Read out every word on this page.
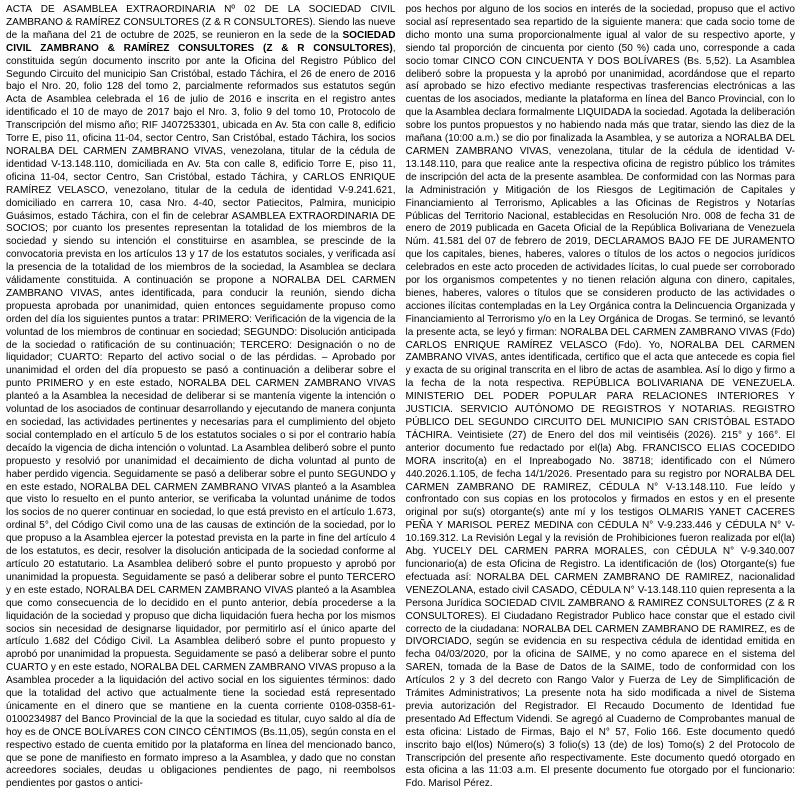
ACTA DE ASAMBLEA EXTRAORDINARIA Nº 02 DE LA SOCIEDAD CIVIL ZAMBRANO & RAMÍREZ CONSULTORES (Z & R CONSULTORES). Siendo las nueve de la mañana del 21 de octubre de 2025, se reunieron en la sede de la SOCIEDAD CIVIL ZAMBRANO & RAMÍREZ CONSULTORES (Z & R CONSULTORES), constituida según documento inscrito por ante la Oficina del Registro Público del Segundo Circuito del municipio San Cristóbal, estado Táchira, el 26 de enero de 2016 bajo el Nro. 20, folio 128 del tomo 2, parcialmente reformados sus estatutos según Acta de Asamblea celebrada el 16 de julio de 2016 e inscrita en el registro antes identificado el 10 de mayo de 2017 bajo el Nro. 3, folio 9 del tomo 10, Protocolo de Transcripción del mismo año; RIF J407253301, ubicada en Av. 5ta con calle 8, edificio Torre E, piso 11, oficina 11-04, sector Centro, San Cristóbal, estado Táchira, los socios NORALBA DEL CARMEN ZAMBRANO VIVAS, venezolana, titular de la cédula de identidad V-13.148.110, domiciliada en Av. 5ta con calle 8, edificio Torre E, piso 11, oficina 11-04, sector Centro, San Cristóbal, estado Táchira, y CARLOS ENRIQUE RAMÍREZ VELASCO, venezolano, titular de la cedula de identidad V-9.241.621, domiciliado en carrera 10, casa Nro. 4-40, sector Patiecitos, Palmira, municipio Guásimos, estado Táchira, con el fin de celebrar ASAMBLEA EXTRAORDINARIA DE SOCIOS; por cuanto los presentes representan la totalidad de los miembros de la sociedad y siendo su intención el constituirse en asamblea, se prescinde de la convocatoria prevista en los artículos 13 y 17 de los estatutos sociales, y verificada así la presencia de la totalidad de los miembros de la sociedad, la Asamblea se declara válidamente constituida. A continuación se propone a NORALBA DEL CARMEN ZAMBRANO VIVAS, antes identificada, para conducir la reunión, siendo dicha propuesta aprobada por unanimidad, quien entonces seguidamente propuso como orden del día los siguientes puntos a tratar: PRIMERO: Verificación de la vigencia de la voluntad de los miembros de continuar en sociedad; SEGUNDO: Disolución anticipada de la sociedad o ratificación de su continuación; TERCERO: Designación o no de liquidador; CUARTO: Reparto del activo social o de las pérdidas. – Aprobado por unanimidad el orden del día propuesto se pasó a continuación a deliberar sobre el punto PRIMERO y en este estado, NORALBA DEL CARMEN ZAMBRANO VIVAS planteó a la Asamblea la necesidad de deliberar si se mantenía vigente la intención o voluntad de los asociados de continuar desarrollando y ejecutando de manera conjunta en sociedad, las actividades pertinentes y necesarias para el cumplimiento del objeto social contemplado en el artículo 5 de los estatutos sociales o si por el contrario había decaído la vigencia de dicha intención o voluntad. La Asamblea deliberó sobre el punto propuesto y resolvió por unanimidad el decaimiento de dicha voluntad al punto de haber perdido vigencia. Seguidamente se pasó a deliberar sobre el punto SEGUNDO y en este estado, NORALBA DEL CARMEN ZAMBRANO VIVAS planteó a la Asamblea que visto lo resuelto en el punto anterior, se verificaba la voluntad unánime de todos los socios de no querer continuar en sociedad, lo que está previsto en el artículo 1.673, ordinal 5°, del Código Civil como una de las causas de extinción de la sociedad, por lo que propuso a la Asamblea ejercer la potestad prevista en la parte in fine del artículo 4 de los estatutos, es decir, resolver la disolución anticipada de la sociedad conforme al artículo 20 estatutario. La Asamblea deliberó sobre el punto propuesto y aprobó por unanimidad la propuesta. Seguidamente se pasó a deliberar sobre el punto TERCERO y en este estado, NORALBA DEL CARMEN ZAMBRANO VIVAS planteó a la Asamblea que como consecuencia de lo decidido en el punto anterior, debía procederse a la liquidación de la sociedad y propuso que dicha liquidación fuera hecha por los mismos socios sin necesidad de designarse liquidador, por permitirlo así el único aparte del artículo 1.682 del Código Civil. La Asamblea deliberó sobre el punto propuesto y aprobó por unanimidad la propuesta. Seguidamente se pasó a deliberar sobre el punto CUARTO y en este estado, NORALBA DEL CARMEN ZAMBRANO VIVAS propuso a la Asamblea proceder a la liquidación del activo social en los siguientes términos: dado que la totalidad del activo que actualmente tiene la sociedad está representado únicamente en el dinero que se mantiene en la cuenta corriente 0108-0358-61-0100234987 del Banco Provincial de la que la sociedad es titular, cuyo saldo al día de hoy es de ONCE BOLÍVARES CON CINCO CÉNTIMOS (Bs.11,05), según consta en el respectivo estado de cuenta emitido por la plataforma en línea del mencionado banco, que se pone de manifiesto en formato impreso a la Asamblea, y dado que no constan acreedores sociales, deudas u obligaciones pendientes de pago, ni reembolsos pendientes por gastos o antici-

pos hechos por alguno de los socios en interés de la sociedad, propuso que el activo social así representado sea repartido de la siguiente manera: que cada socio tome de dicho monto una suma proporcionalmente igual al valor de su respectivo aporte, y siendo tal proporción de cincuenta por ciento (50 %) cada uno, corresponde a cada socio tomar CINCO CON CINCUENTA Y DOS BOLÍVARES (Bs. 5,52). La Asamblea deliberó sobre la propuesta y la aprobó por unanimidad, acordándose que el reparto así aprobado se hizo efectivo mediante respectivas trasferencias electrónicas a las cuentas de los asociados, mediante la plataforma en línea del Banco Provincial, con lo que la Asamblea declara formalmente LIQUIDADA la sociedad. Agotada la deliberación sobre los puntos propuestos y no habiendo nada más que tratar, siendo las diez de la mañana (10:00 a.m.) se dio por finalizada la Asamblea, y se autoriza a NORALBA DEL CARMEN ZAMBRANO VIVAS, venezolana, titular de la cédula de identidad V-13.148.110, para que realice ante la respectiva oficina de registro público los trámites de inscripción del acta de la presente asamblea. De conformidad con las Normas para la Administración y Mitigación de los Riesgos de Legitimación de Capitales y Financiamiento al Terrorismo, Aplicables a las Oficinas de Registros y Notarías Públicas del Territorio Nacional, establecidas en Resolución Nro. 008 de fecha 31 de enero de 2019 publicada en Gaceta Oficial de la República Bolivariana de Venezuela Núm. 41.581 del 07 de febrero de 2019, DECLARAMOS BAJO FE DE JURAMENTO que los capitales, bienes, haberes, valores o títulos de los actos o negocios jurídicos celebrados en este acto proceden de actividades lícitas, lo cual puede ser corroborado por los organismos competentes y no tienen relación alguna con dinero, capitales, bienes, haberes, valores o títulos que se consideren producto de las actividades o acciones ilícitas contempladas en la Ley Orgánica contra la Delincuencia Organizada y Financiamiento al Terrorismo y/o en la Ley Orgánica de Drogas. Se terminó, se levantó la presente acta, se leyó y firman: NORALBA DEL CARMEN ZAMBRANO VIVAS (Fdo) CARLOS ENRIQUE RAMÍREZ VELASCO (Fdo). Yo, NORALBA DEL CARMEN ZAMBRANO VIVAS, antes identificada, certifico que el acta que antecede es copia fiel y exacta de su original transcrita en el libro de actas de asamblea. Así lo digo y firmo a la fecha de la nota respectiva. REPÚBLICA BOLIVARIANA DE VENEZUELA. MINISTERIO DEL PODER POPULAR PARA RELACIONES INTERIORES Y JUSTICIA. SERVICIO AUTÓNOMO DE REGISTROS Y NOTARIAS. REGISTRO PÚBLICO DEL SEGUNDO CIRCUITO DEL MUNICIPIO SAN CRISTÓBAL ESTADO TÁCHIRA. Veintisiete (27) de Enero del dos mil veintiséis (2026). 215° y 166°. El anterior documento fue redactado por el(la) Abg. FRANCISCO ELIAS COCEDIDO MORA inscrito(a) en el Inpreabogado No. 38718; identificado con el Número 440.2026.1.105, de fecha 14/1/2026. Presentado para su registro por NORALBA DEL CARMEN ZAMBRANO DE RAMIREZ, CÉDULA N° V-13.148.110. Fue leído y confrontado con sus copias en los protocolos y firmados en estos y en el presente original por su(s) otorgante(s) ante mí y los testigos OLMARIS YANET CACERES PEÑA Y MARISOL PEREZ MEDINA con CÉDULA N° V-9.233.446 y CÉDULA N° V-10.169.312. La Revisión Legal y la revisión de Prohibiciones fueron realizada por el(la) Abg. YUCELY DEL CARMEN PARRA MORALES, con CÉDULA N° V-9.340.007 funcionario(a) de esta Oficina de Registro. La identificación de (los) Otorgante(s) fue efectuada así: NORALBA DEL CARMEN ZAMBRANO DE RAMIREZ, nacionalidad VENEZOLANA, estado civil CASADO, CÉDULA N° V-13.148.110 quien representa a la Persona Jurídica SOCIEDAD CIVIL ZAMBRANO & RAMIREZ CONSULTORES (Z & R CONSULTORES). El Ciudadano Registrador Publico hace constar que el estado civil correcto de la ciudadana: NORALBA DEL CARMEN ZAMBRANO DE RAMIREZ, es de DIVORCIADO, según se evidencia en su respectiva cédula de identidad emitida en fecha 04/03/2020, por la oficina de SAIME, y no como aparece en el sistema del SAREN, tomada de la Base de Datos de la SAIME, todo de conformidad con los Artículos 2 y 3 del decreto con Rango Valor y Fuerza de Ley de Simplificación de Trámites Administrativos; La presente nota ha sido modificada a nivel de Sistema previa autorización del Registrador. El Recaudo Documento de Identidad fue presentado Ad Effectum Videndi. Se agregó al Cuaderno de Comprobantes manual de esta oficina: Listado de Firmas, Bajo el N° 57, Folio 166. Este documento quedó inscrito bajo el(los) Número(s) 3 folio(s) 13 (de) de los) Tomo(s) 2 del Protocolo de Transcripción del presente año respectivamente. Este documento quedó otorgado en esta oficina a las 11:03 a.m. El presente documento fue otorgado por el funcionario: Fdo. Marisol Pérez.
